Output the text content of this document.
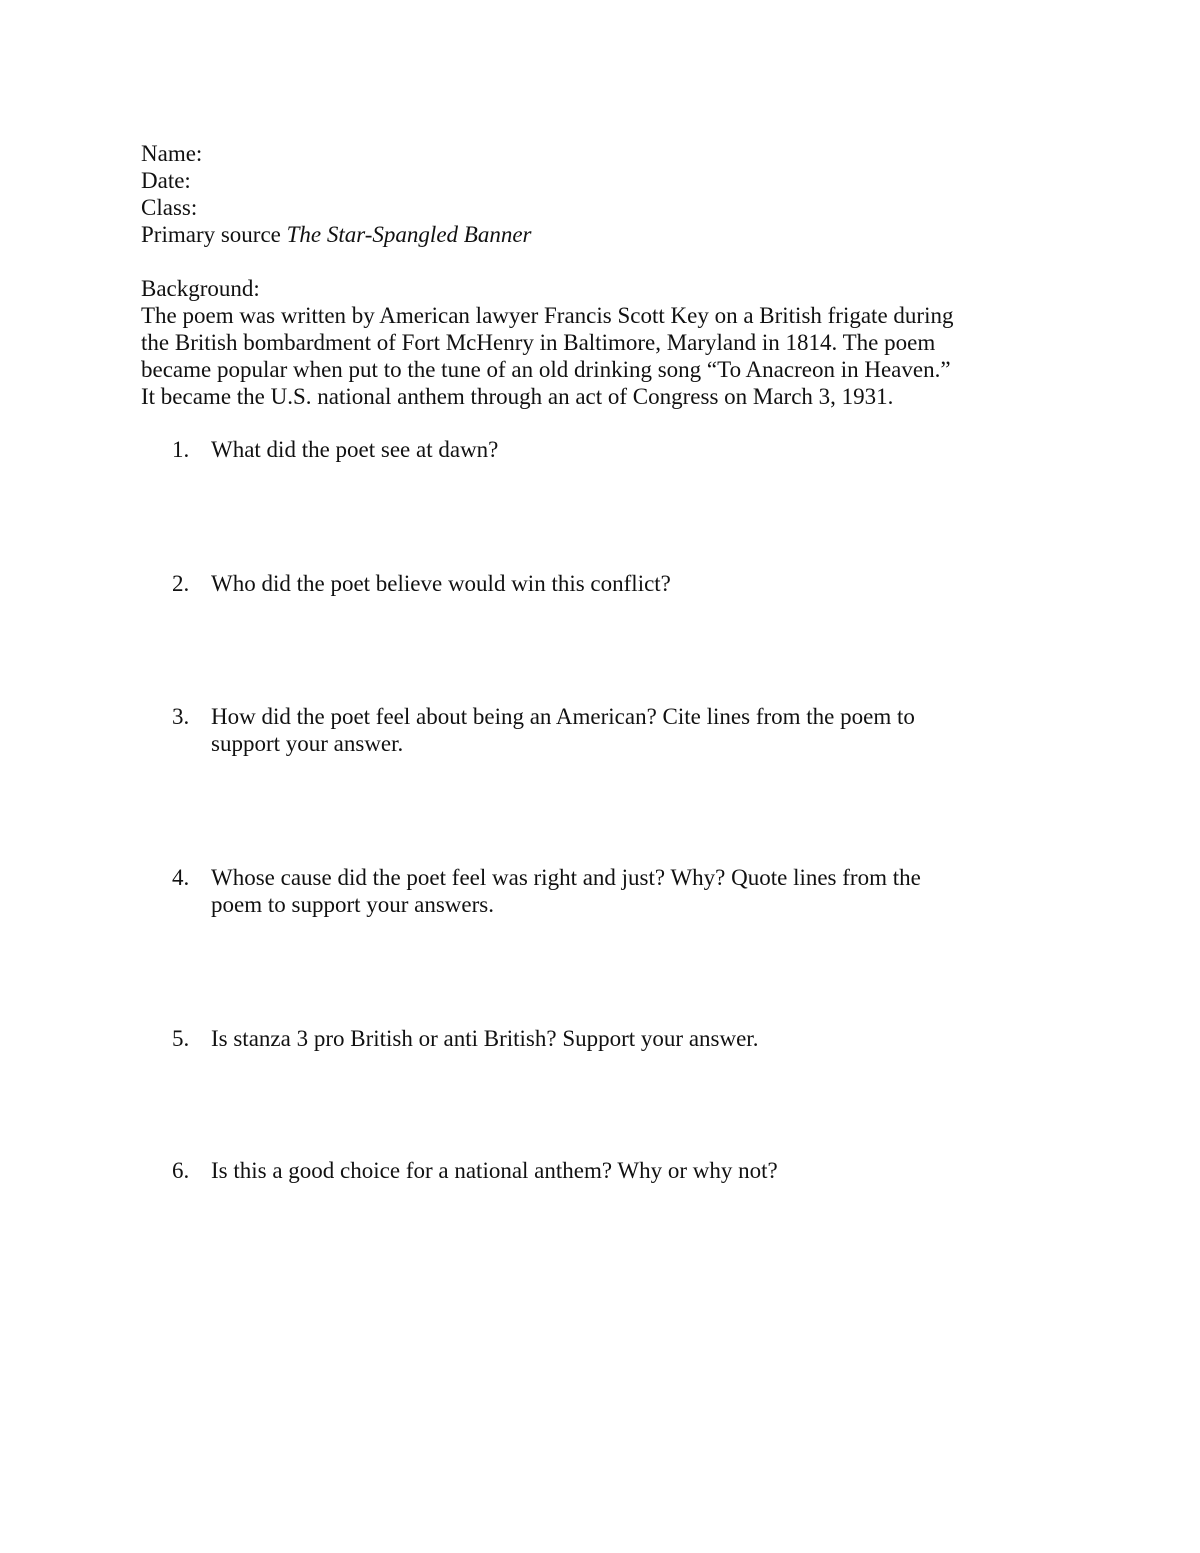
Name:
Date:
Class:
Primary source The Star-Spangled Banner
Background:
The poem was written by American lawyer Francis Scott Key on a British frigate during
the British bombardment of Fort McHenry in Baltimore, Maryland in 1814. The poem
became popular when put to the tune of an old drinking song “To Anacreon in Heaven.”
It became the U.S. national anthem through an act of Congress on March 3, 1931.
1. What did the poet see at dawn?
2. Who did the poet believe would win this conflict?
3. How did the poet feel about being an American? Cite lines from the poem to
support your answer.
4. Whose cause did the poet feel was right and just? Why? Quote lines from the
poem to support your answers.
5. Is stanza 3 pro British or anti British? Support your answer.
6. Is this a good choice for a national anthem? Why or why not?
